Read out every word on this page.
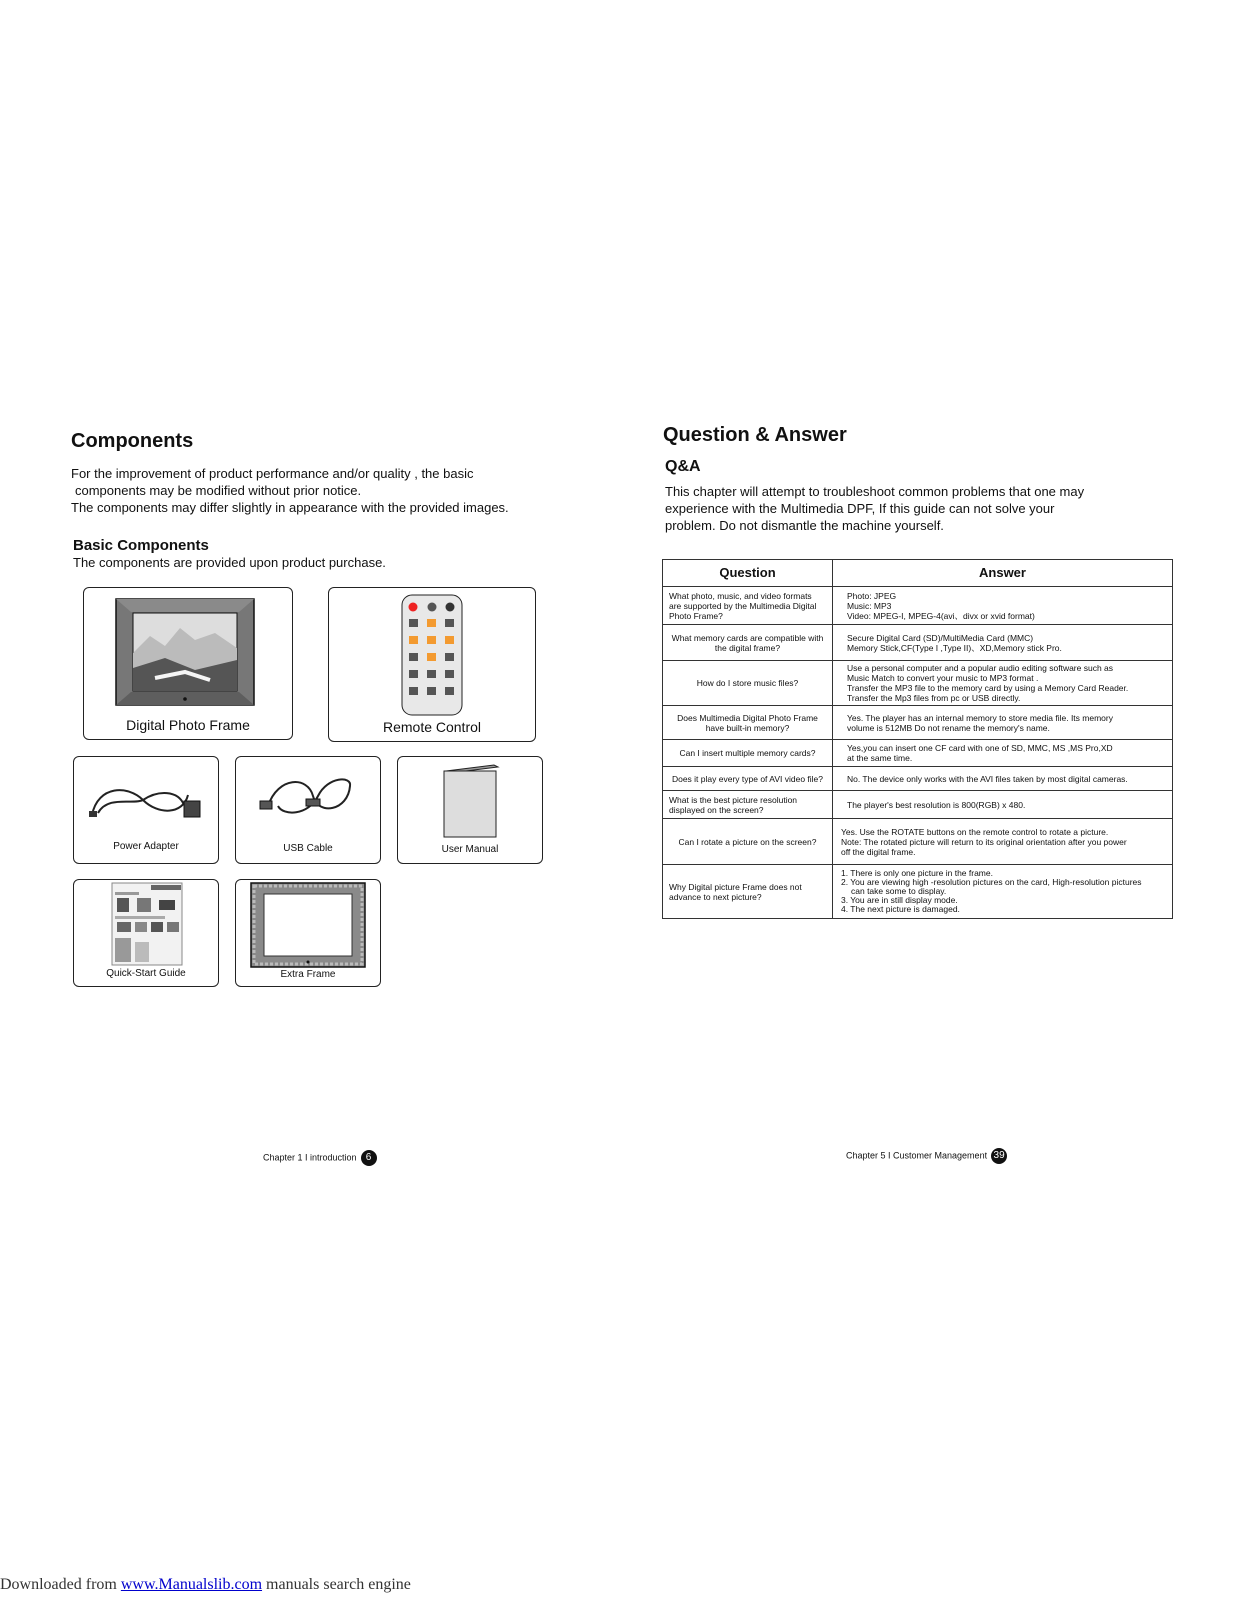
Components
For the improvement of product performance and/or quality , the basic
components may be modified without prior notice.
The components may differ slightly in appearance with the provided images.
Basic Components
The components are provided upon product purchase.
Digital Photo Frame	Remote Control
Power Adapter	USB Cable	User Manual
Quick-Start Guide	Extra Frame
Chapter 1 I introduction 6
Question & Answer
Q&A
This chapter will attempt to troubleshoot common problems that one may
experience with the Multimedia DPF, If this guide can not solve your
problem. Do not dismantle the machine yourself.
Question	Answer
What photo, music, and video formats are supported by the Multimedia Digital Photo Frame?	Photo: JPEG
Music: MP3
Video: MPEG-I, MPEG-4(avi、divx or xvid format)

What memory cards are compatible with the digital frame?	Secure Digital Card (SD)/MultiMedia Card (MMC)
Memory Stick,CF(Type I ,Type II)、XD,Memory stick Pro.

How do I store music files?	Use a personal computer and a popular audio editing software such as
Music Match to convert your music to MP3 format .
Transfer the MP3 file to the memory card by using a Memory Card Reader.
Transfer the Mp3 files from pc or USB directly.

Does Multimedia Digital Photo Frame have built-in memory?	Yes. The player has an internal memory to store media file. Its memory
volume is 512MB Do not rename the memory's name.

Can I insert multiple memory cards?	Yes,you can insert one CF card with one of SD, MMC, MS ,MS Pro,XD
at the same time.

Does it play every type of AVI video file?	No. The device only works with the AVI files taken by most digital cameras.

What is the best picture resolution displayed on the screen?	The player's best resolution is 800(RGB) x 480.

Can I rotate a picture on the screen?	Yes. Use the ROTATE buttons on the remote control to rotate a picture.
Note: The rotated picture will return to its original orientation after you power
off the digital frame.

Why Digital picture Frame does not advance to next picture?	1. There is only one picture in the frame.
2. You are viewing high -resolution pictures on the card, High-resolution pictures
can take some to display.
3. You are in still display mode.
4. The next picture is damaged.
Chapter 5 I Customer Management 39
Downloaded from www.Manualslib.com manuals search engine
